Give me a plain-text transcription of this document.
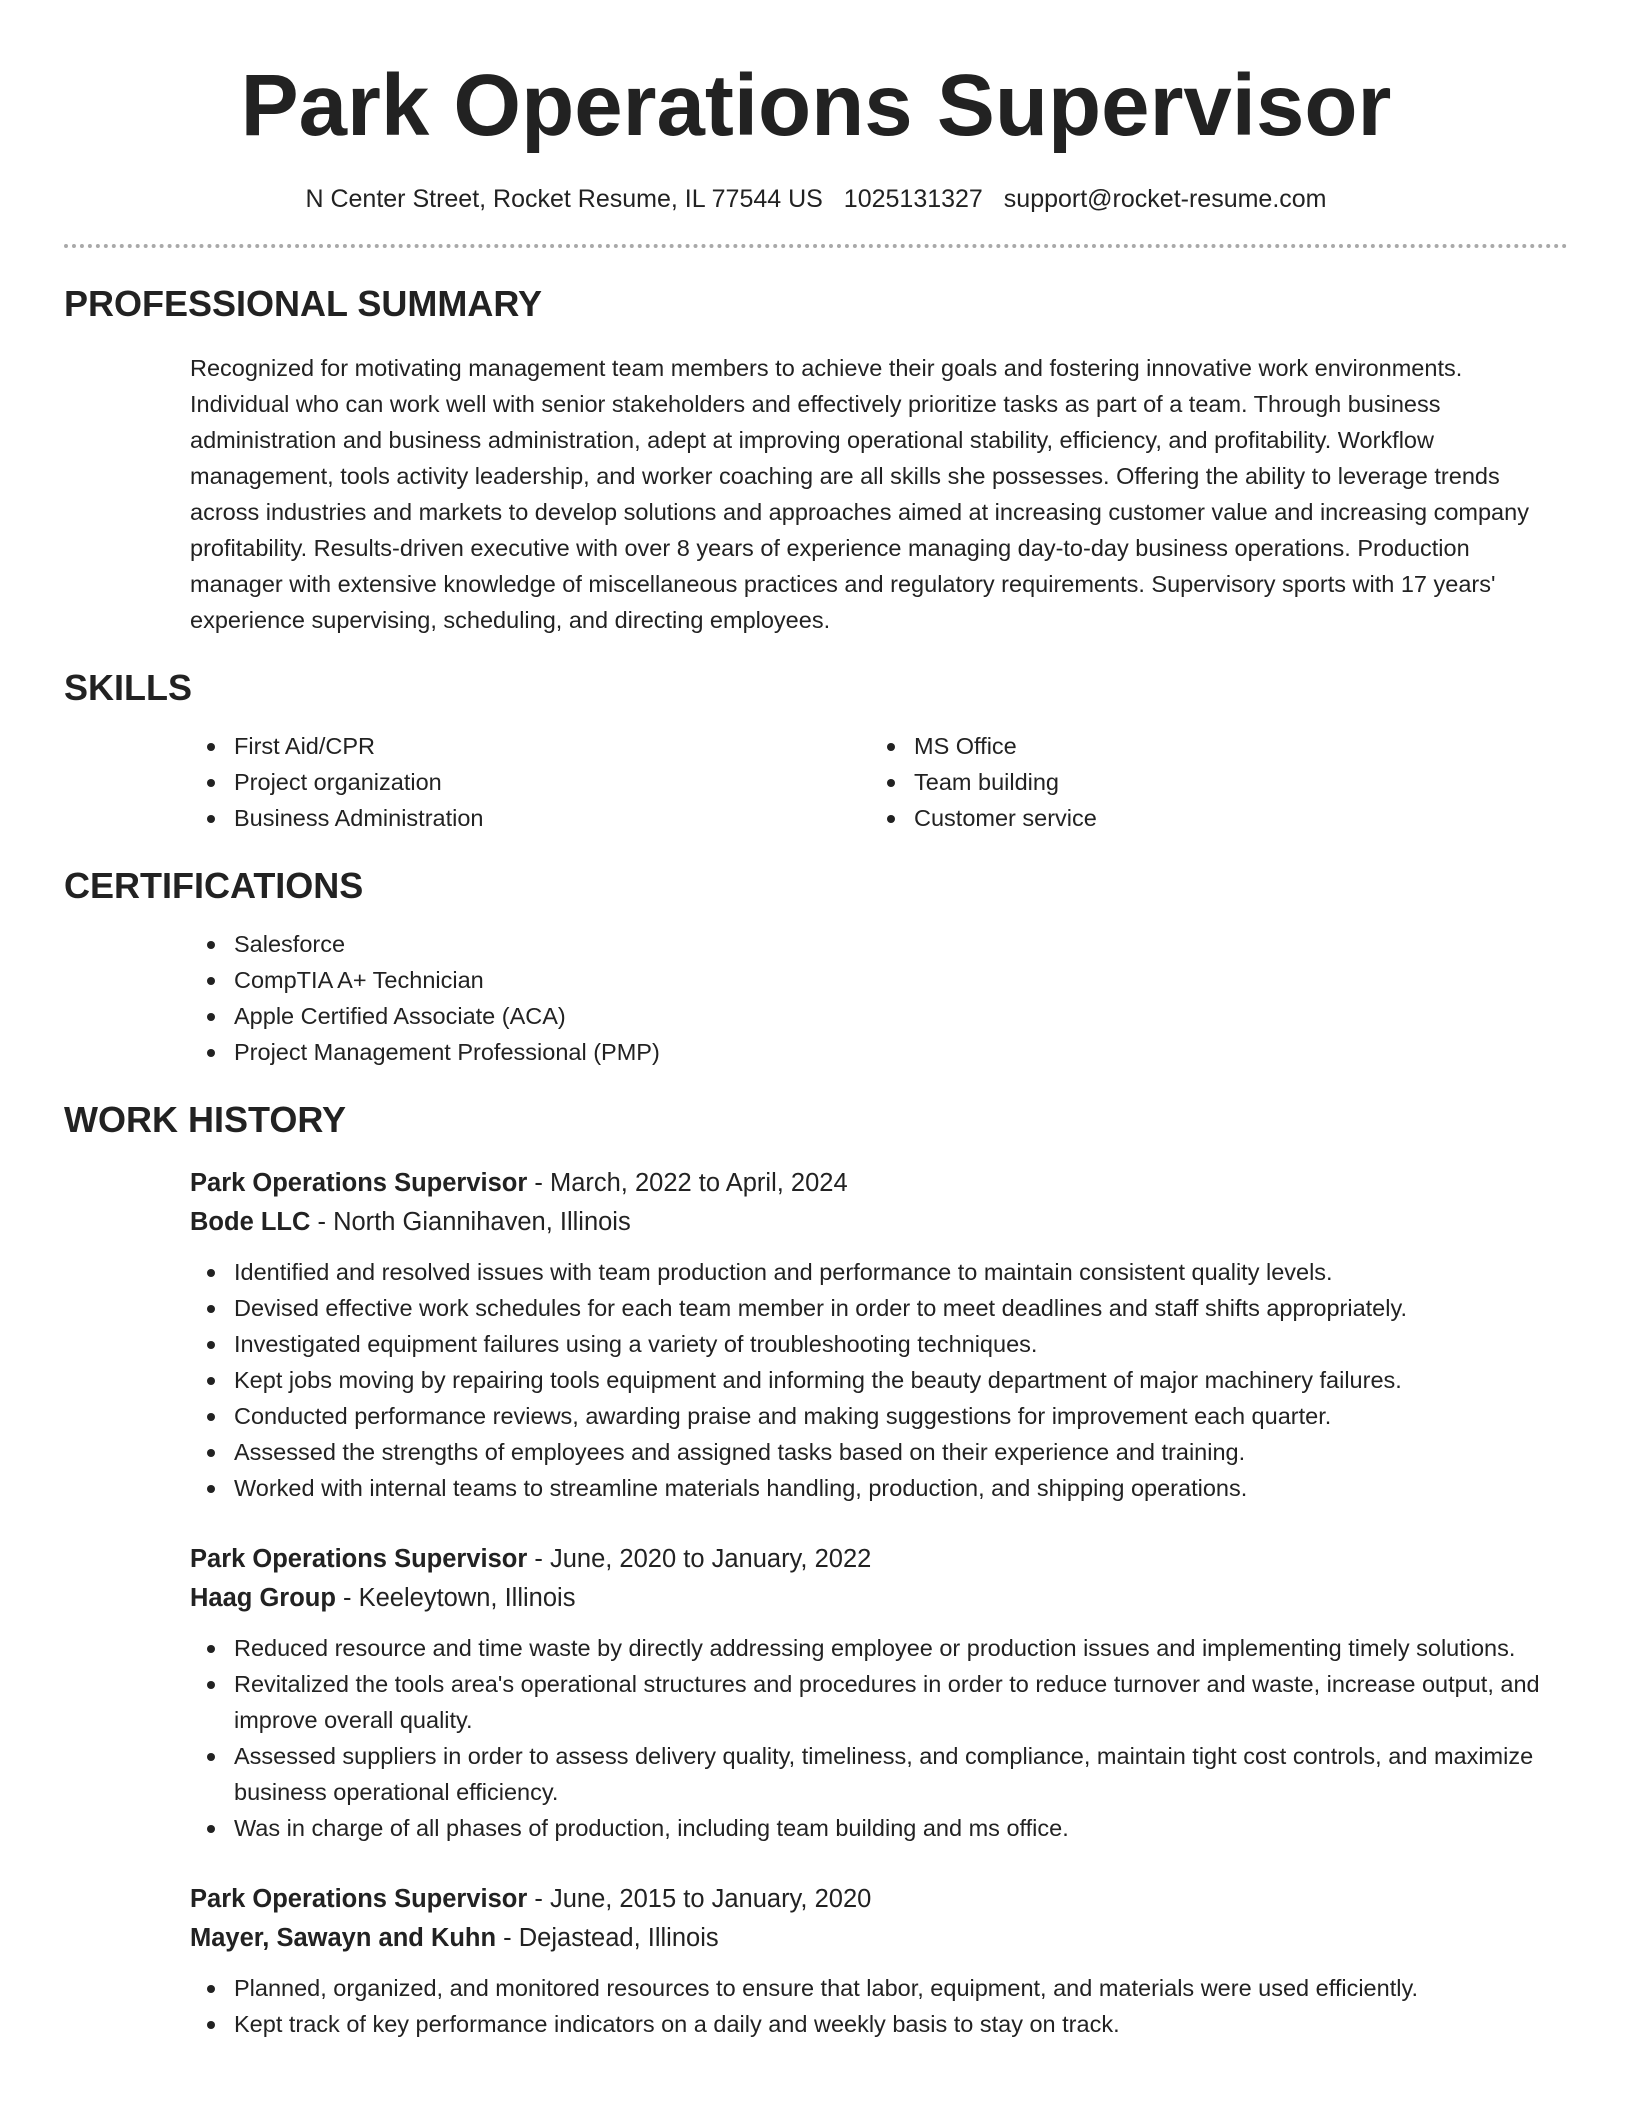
Park Operations Supervisor
N Center Street, Rocket Resume, IL 77544 US 1025131327 support@rocket-resume.com
PROFESSIONAL SUMMARY
Recognized for motivating management team members to achieve their goals and fostering innovative work environments. Individual who can work well with senior stakeholders and effectively prioritize tasks as part of a team. Through business administration and business administration, adept at improving operational stability, efficiency, and profitability. Workflow management, tools activity leadership, and worker coaching are all skills she possesses. Offering the ability to leverage trends across industries and markets to develop solutions and approaches aimed at increasing customer value and increasing company profitability. Results-driven executive with over 8 years of experience managing day-to-day business operations. Production manager with extensive knowledge of miscellaneous practices and regulatory requirements. Supervisory sports with 17 years' experience supervising, scheduling, and directing employees.
SKILLS
First Aid/CPR
Project organization
Business Administration
MS Office
Team building
Customer service
CERTIFICATIONS
Salesforce
CompTIA A+ Technician
Apple Certified Associate (ACA)
Project Management Professional (PMP)
WORK HISTORY
Park Operations Supervisor - March, 2022 to April, 2024
Bode LLC - North Giannihaven, Illinois
Identified and resolved issues with team production and performance to maintain consistent quality levels.
Devised effective work schedules for each team member in order to meet deadlines and staff shifts appropriately.
Investigated equipment failures using a variety of troubleshooting techniques.
Kept jobs moving by repairing tools equipment and informing the beauty department of major machinery failures.
Conducted performance reviews, awarding praise and making suggestions for improvement each quarter.
Assessed the strengths of employees and assigned tasks based on their experience and training.
Worked with internal teams to streamline materials handling, production, and shipping operations.
Park Operations Supervisor - June, 2020 to January, 2022
Haag Group - Keeleytown, Illinois
Reduced resource and time waste by directly addressing employee or production issues and implementing timely solutions.
Revitalized the tools area's operational structures and procedures in order to reduce turnover and waste, increase output, and improve overall quality.
Assessed suppliers in order to assess delivery quality, timeliness, and compliance, maintain tight cost controls, and maximize business operational efficiency.
Was in charge of all phases of production, including team building and ms office.
Park Operations Supervisor - June, 2015 to January, 2020
Mayer, Sawayn and Kuhn - Dejastead, Illinois
Planned, organized, and monitored resources to ensure that labor, equipment, and materials were used efficiently.
Kept track of key performance indicators on a daily and weekly basis to stay on track.
